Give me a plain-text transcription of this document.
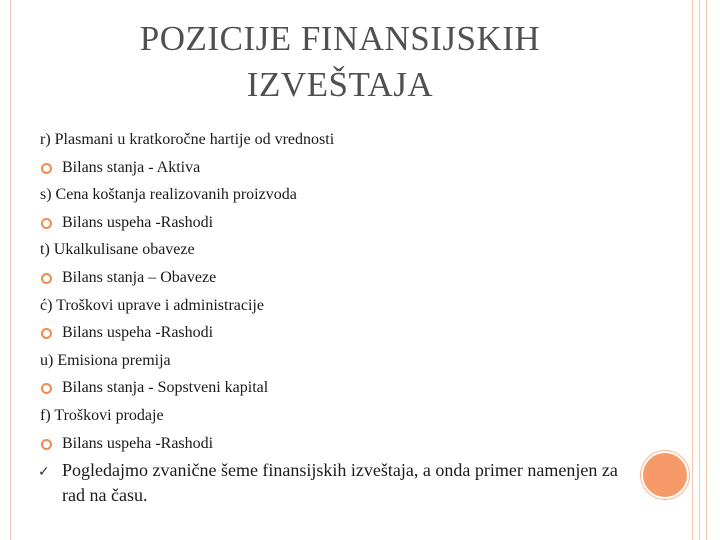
POZICIJE FINANSIJSKIH
IZVEŠTAJA
r) Plasmani u kratkoročne hartije od vrednosti
Bilans stanja - Aktiva
s) Cena koštanja realizovanih proizvoda
Bilans uspeha -Rashodi
t) Ukalkulisane obaveze
Bilans stanja – Obaveze
ć) Troškovi uprave i administracije
Bilans uspeha -Rashodi
u) Emisiona premija
Bilans stanja - Sopstveni kapital
f) Troškovi prodaje
Bilans uspeha -Rashodi
✓ Pogledajmo zvanične šeme finansijskih izveštaja, a onda primer namenjen za rad na času.
